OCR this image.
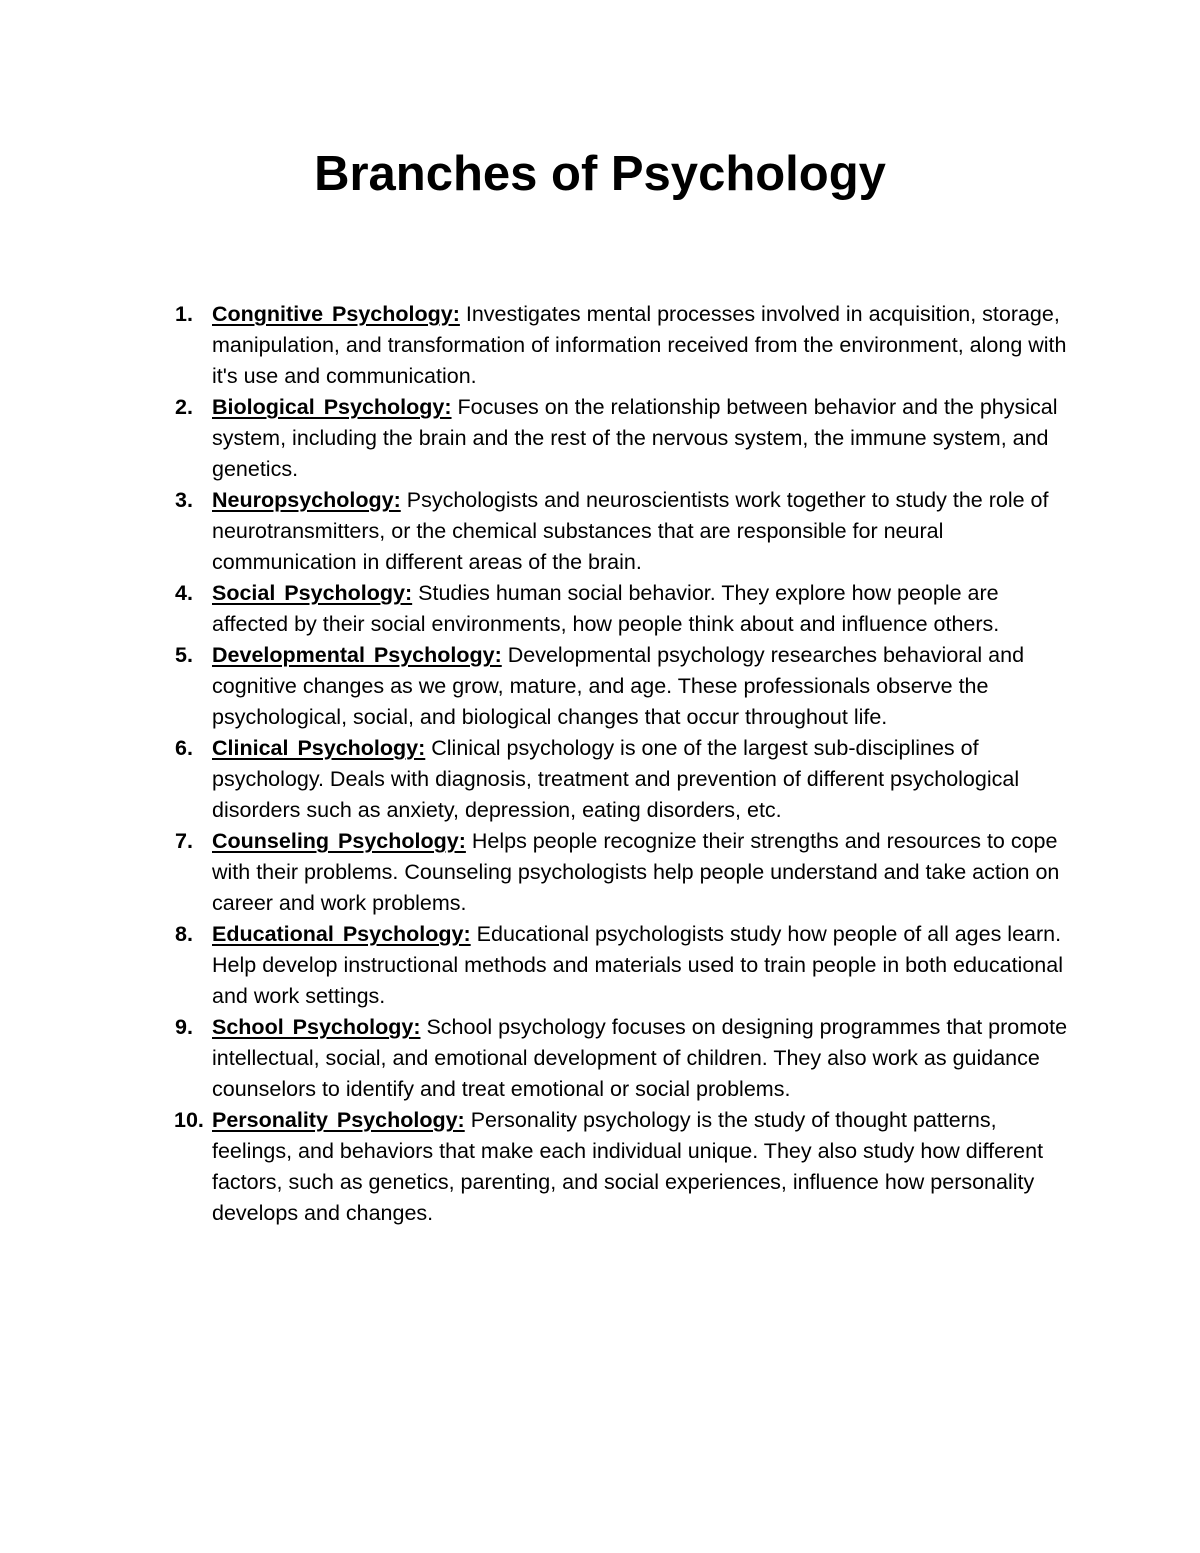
Branches of Psychology
1. Congnitive Psychology: Investigates mental processes involved in acquisition, storage, manipulation, and transformation of information received from the environment, along with it's use and communication.
2. Biological Psychology: Focuses on the relationship between behavior and the physical system, including the brain and the rest of the nervous system, the immune system, and genetics.
3. Neuropsychology: Psychologists and neuroscientists work together to study the role of neurotransmitters, or the chemical substances that are responsible for neural communication in different areas of the brain.
4. Social Psychology: Studies human social behavior. They explore how people are affected by their social environments, how people think about and influence others.
5. Developmental Psychology: Developmental psychology researches behavioral and cognitive changes as we grow, mature, and age. These professionals observe the psychological, social, and biological changes that occur throughout life.
6. Clinical Psychology: Clinical psychology is one of the largest sub-disciplines of psychology. Deals with diagnosis, treatment and prevention of different psychological disorders such as anxiety, depression, eating disorders, etc.
7. Counseling Psychology: Helps people recognize their strengths and resources to cope with their problems. Counseling psychologists help people understand and take action on career and work problems.
8. Educational Psychology: Educational psychologists study how people of all ages learn. Help develop instructional methods and materials used to train people in both educational and work settings.
9. School Psychology: School psychology focuses on designing programmes that promote intellectual, social, and emotional development of children. They also work as guidance counselors to identify and treat emotional or social problems.
10. Personality Psychology: Personality psychology is the study of thought patterns, feelings, and behaviors that make each individual unique. They also study how different factors, such as genetics, parenting, and social experiences, influence how personality develops and changes.
